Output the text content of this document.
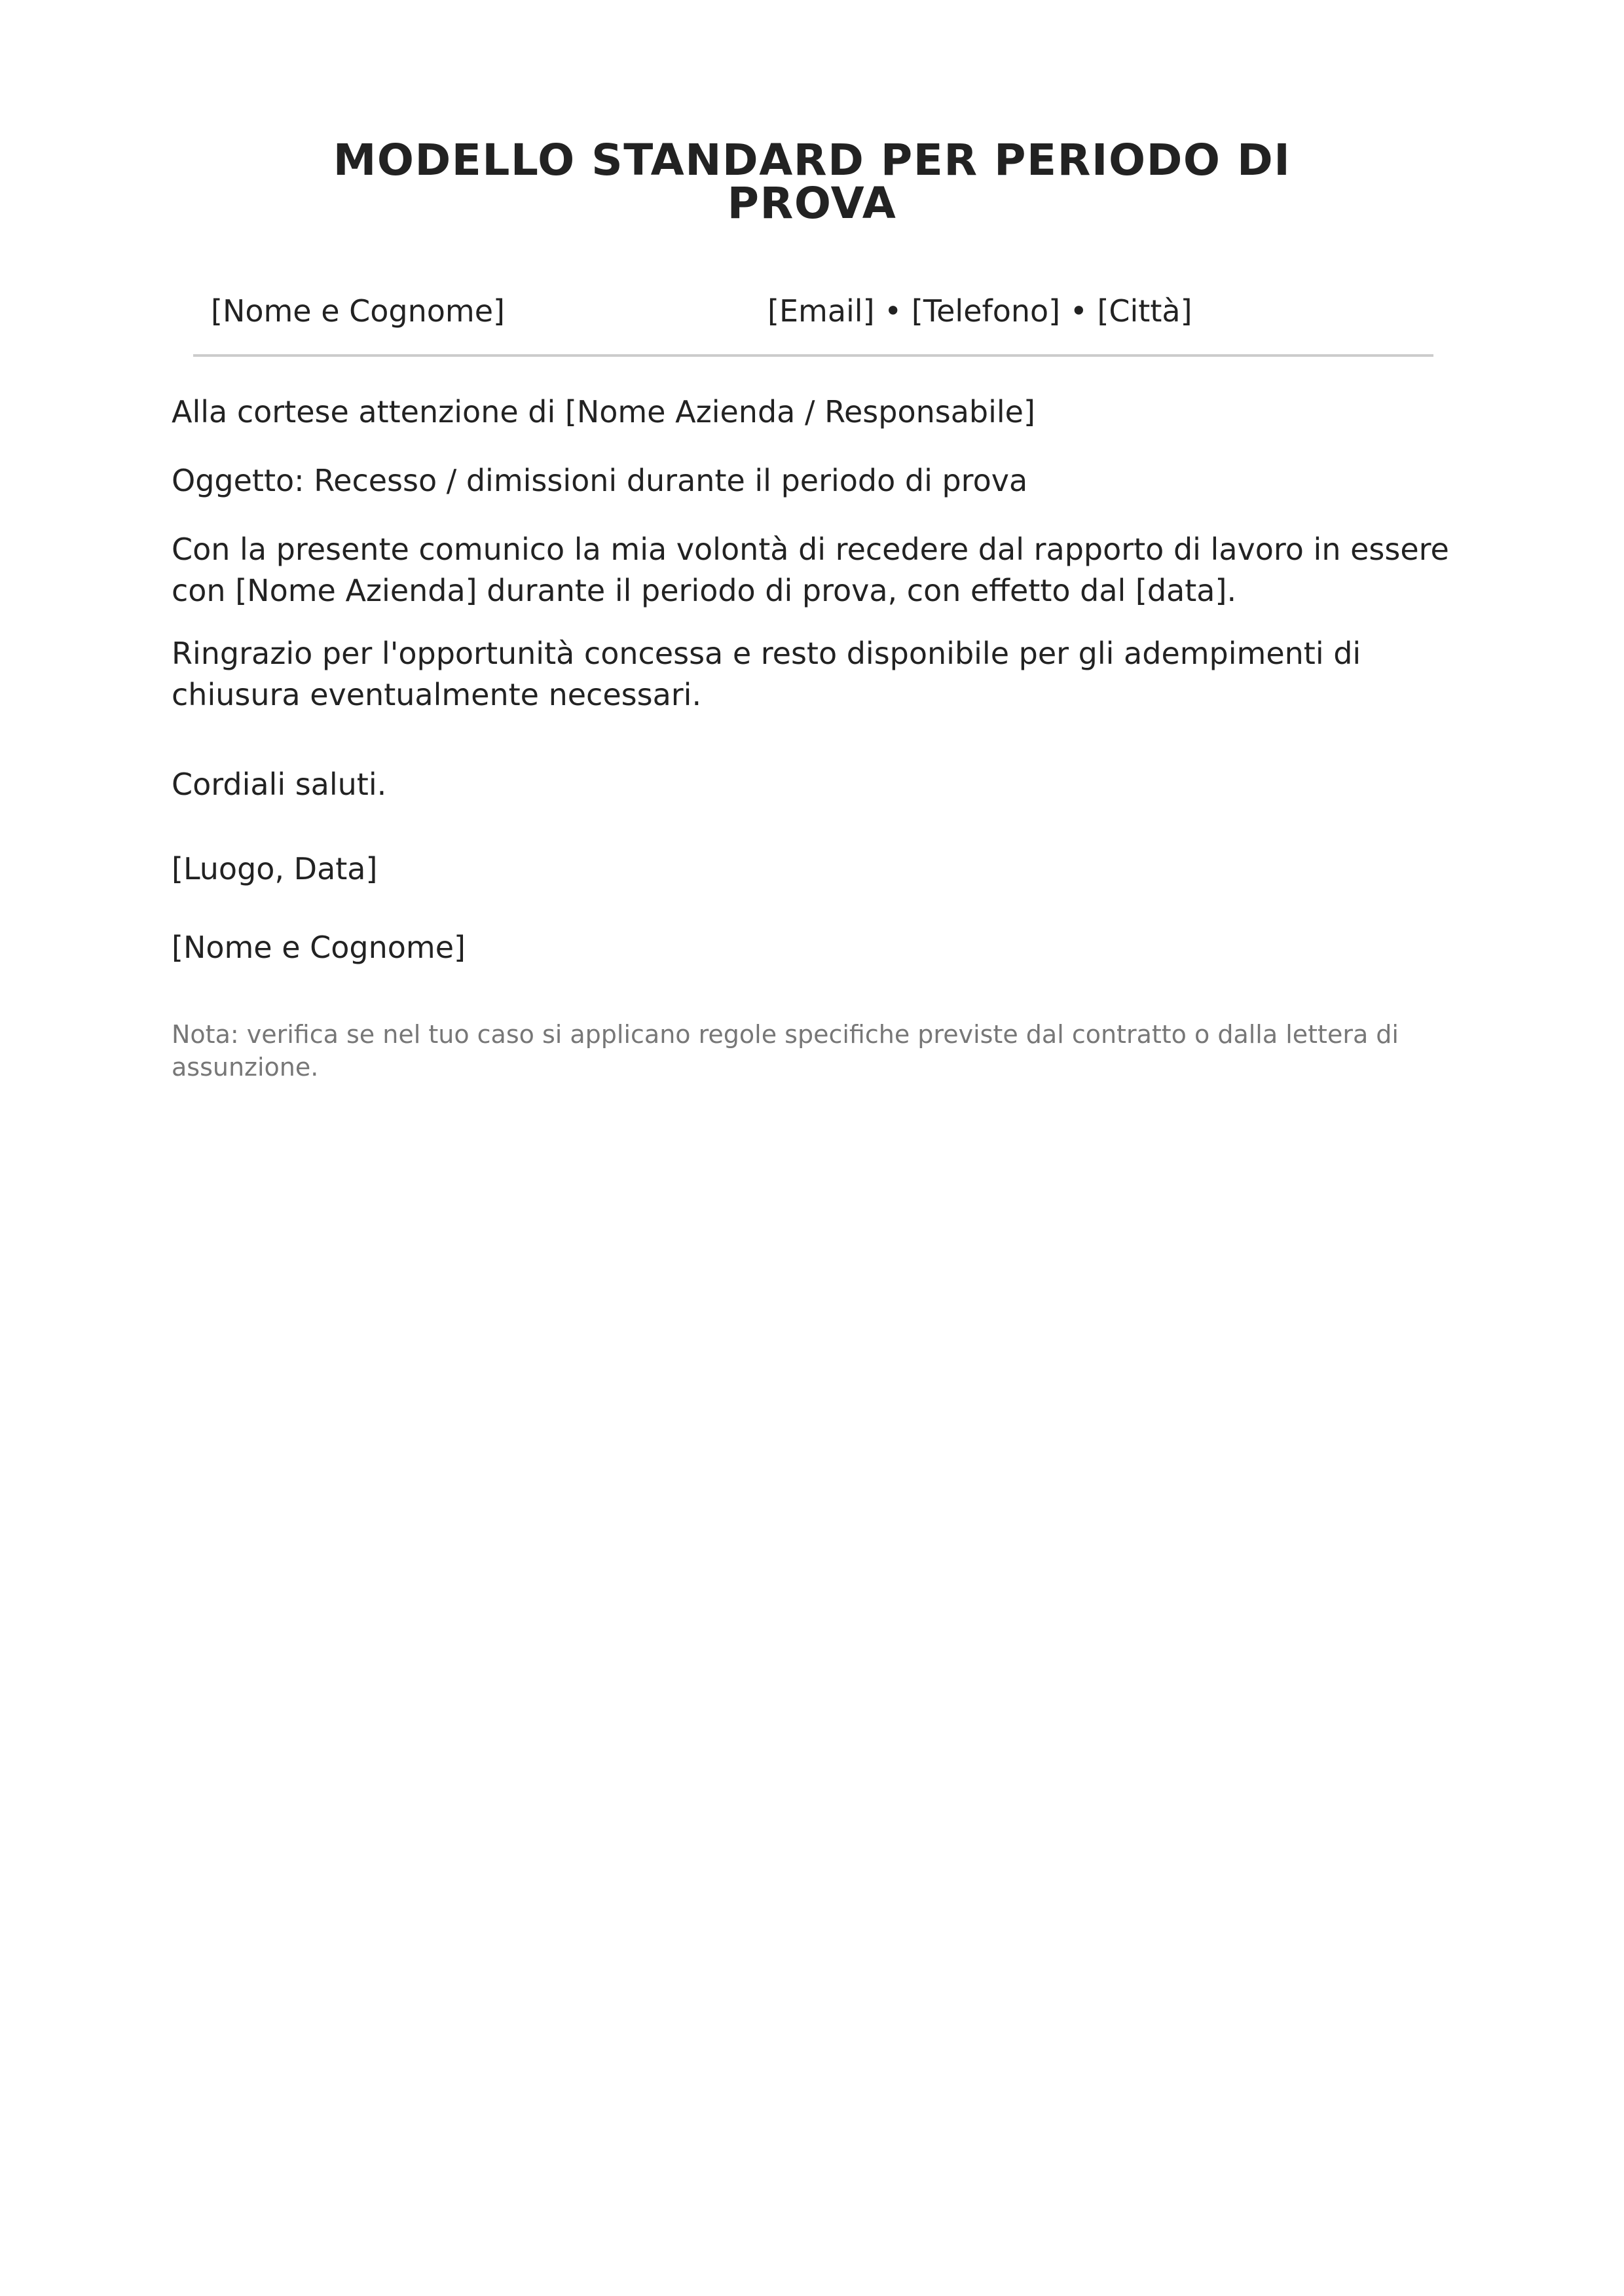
MODELLO STANDARD PER PERIODO DI
PROVA
[Nome e Cognome]	[Email] • [Telefono] • [Città]

Alla cortese attenzione di [Nome Azienda / Responsabile]

Oggetto: Recesso / dimissioni durante il periodo di prova

Con la presente comunico la mia volontà di recedere dal rapporto di lavoro in essere con [Nome Azienda] durante il periodo di prova, con effetto dal [data].

Ringrazio per l'opportunità concessa e resto disponibile per gli adempimenti di chiusura eventualmente necessari.

Cordiali saluti.

[Luogo, Data]

[Nome e Cognome]

Nota: verifica se nel tuo caso si applicano regole specifiche previste dal contratto o dalla lettera di assunzione.
